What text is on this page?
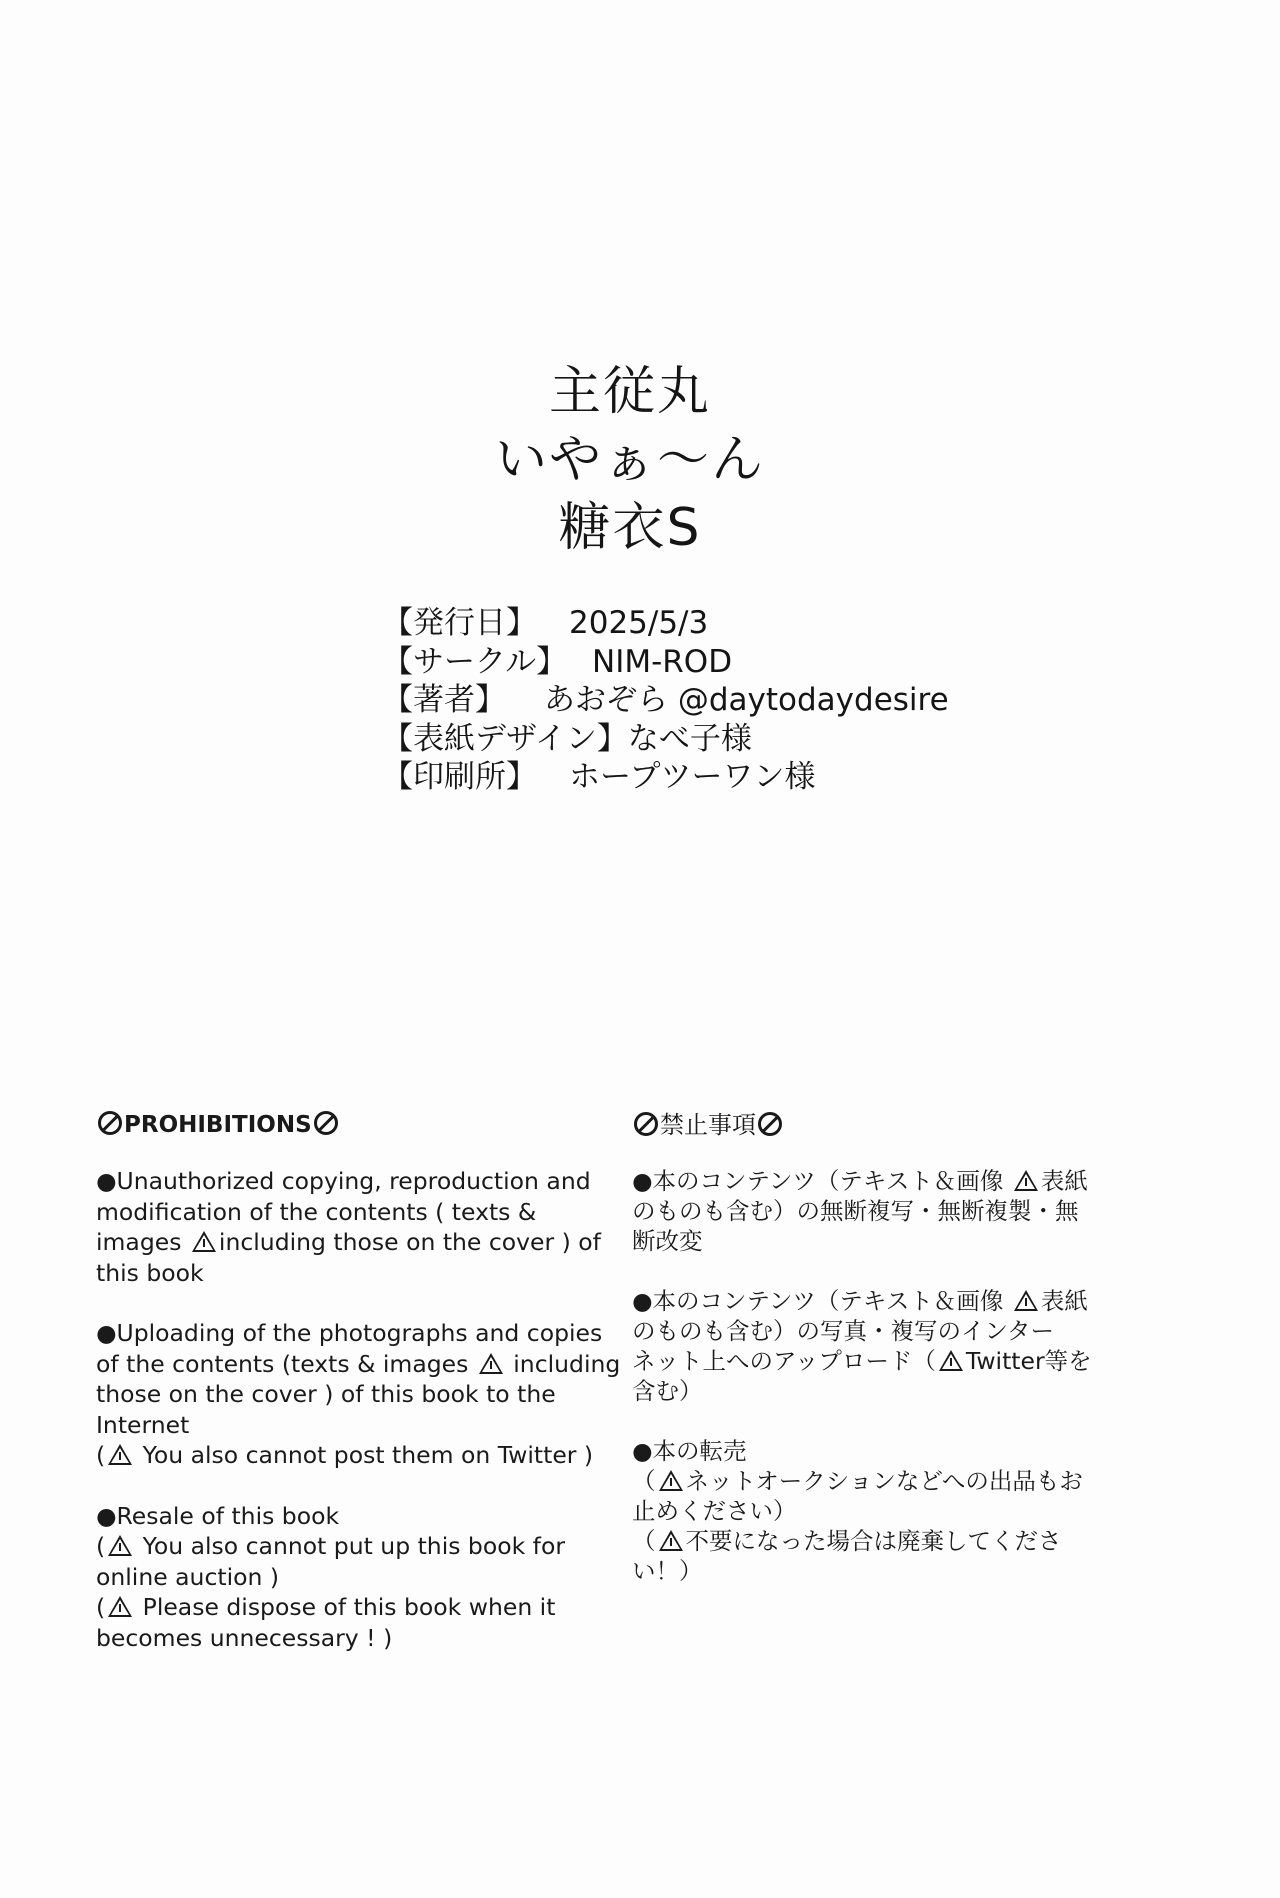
主従丸
いやぁ〜ん
糖衣S
【発行日】	2025/5/3
【サークル】 NIM-ROD
【著者】	あおぞら @daytodaydesire
【表紙デザイン】 なべ子様
【印刷所】	ホープツーワン様
PROHIBITIONS
●Unauthorized copying, reproduction and
modification of the contents ( texts &
images including those on the cover ) of
this book
●Uploading of the photographs and copies
of the contents (texts & images  including
those on the cover ) of this book to the
Internet
( You also cannot post them on Twitter )
●Resale of this book
( You also cannot put up this book for
online auction )
( Please dispose of this book when it
becomes unnecessary ! )
禁止事項
●本のコンテンツ（テキスト＆画像 表紙
のものも含む）の無断複写・無断複製・無
断改変
●本のコンテンツ（テキスト＆画像 表紙
のものも含む）の写真・複写のインター
ネット上へのアップロード（ Twitter等を
含む）
●本の転売
（ ネットオークションなどへの出品もお
止めください）
（ 不要になった場合は廃棄してくださ
い！）
